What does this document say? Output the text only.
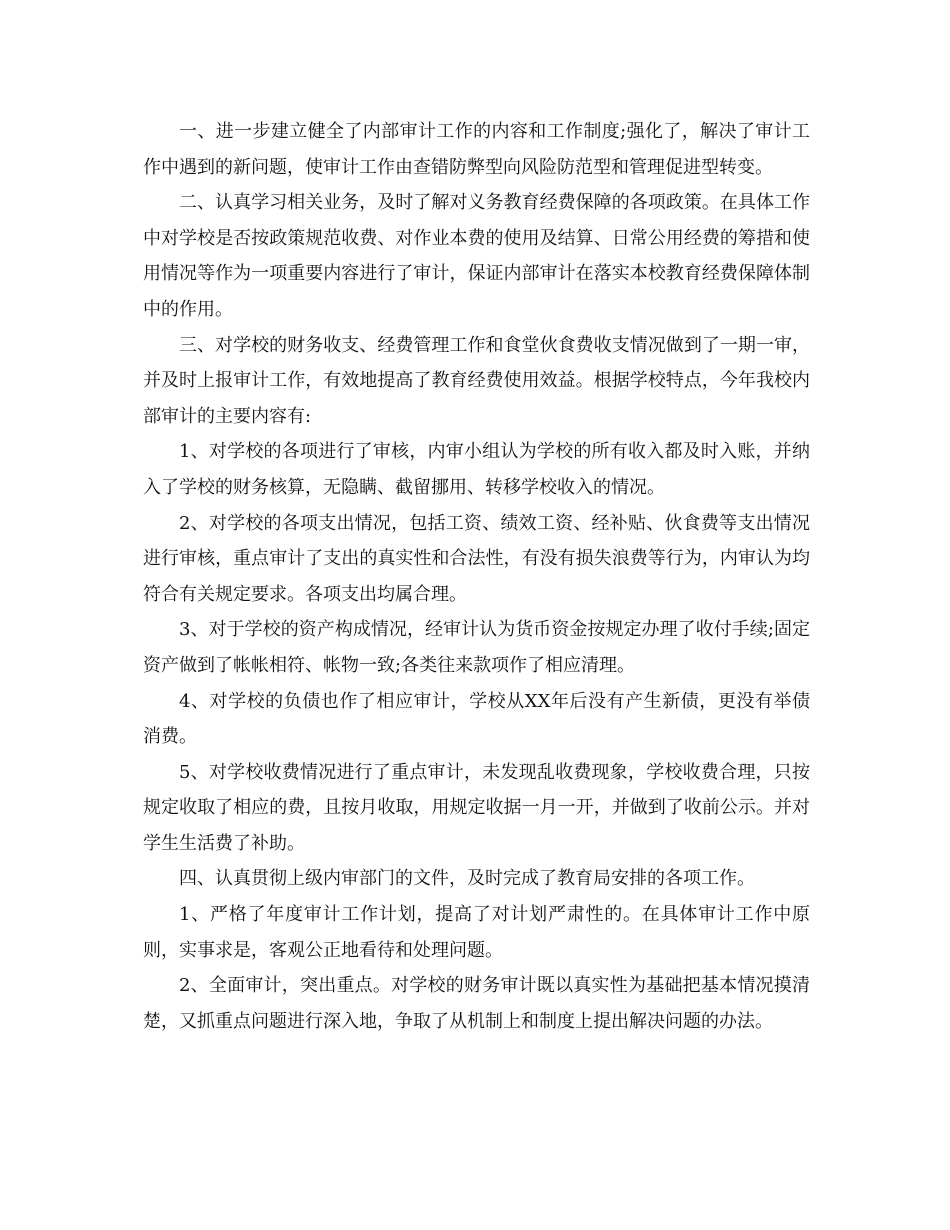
一、进一步建立健全了内部审计工作的内容和工作制度;强化了，解决了审计工作中遇到的新问题，使审计工作由查错防弊型向风险防范型和管理促进型转变。

二、认真学习相关业务，及时了解对义务教育经费保障的各项政策。在具体工作中对学校是否按政策规范收费、对作业本费的使用及结算、日常公用经费的筹措和使用情况等作为一项重要内容进行了审计，保证内部审计在落实本校教育经费保障体制中的作用。

三、对学校的财务收支、经费管理工作和食堂伙食费收支情况做到了一期一审，并及时上报审计工作，有效地提高了教育经费使用效益。根据学校特点，今年我校内部审计的主要内容有:

1、对学校的各项进行了审核，内审小组认为学校的所有收入都及时入账，并纳入了学校的财务核算，无隐瞒、截留挪用、转移学校收入的情况。

2、对学校的各项支出情况，包括工资、绩效工资、经补贴、伙食费等支出情况进行审核，重点审计了支出的真实性和合法性，有没有损失浪费等行为，内审认为均符合有关规定要求。各项支出均属合理。

3、对于学校的资产构成情况，经审计认为货币资金按规定办理了收付手续;固定资产做到了帐帐相符、帐物一致;各类往来款项作了相应清理。

4、对学校的负债也作了相应审计，学校从XX年后没有产生新债，更没有举债消费。

5、对学校收费情况进行了重点审计，未发现乱收费现象，学校收费合理，只按规定收取了相应的费，且按月收取，用规定收据一月一开，并做到了收前公示。并对学生生活费了补助。

四、认真贯彻上级内审部门的文件，及时完成了教育局安排的各项工作。

1、严格了年度审计工作计划，提高了对计划严肃性的。在具体审计工作中原则，实事求是，客观公正地看待和处理问题。

2、全面审计，突出重点。对学校的财务审计既以真实性为基础把基本情况摸清楚，又抓重点问题进行深入地，争取了从机制上和制度上提出解决问题的办法。
